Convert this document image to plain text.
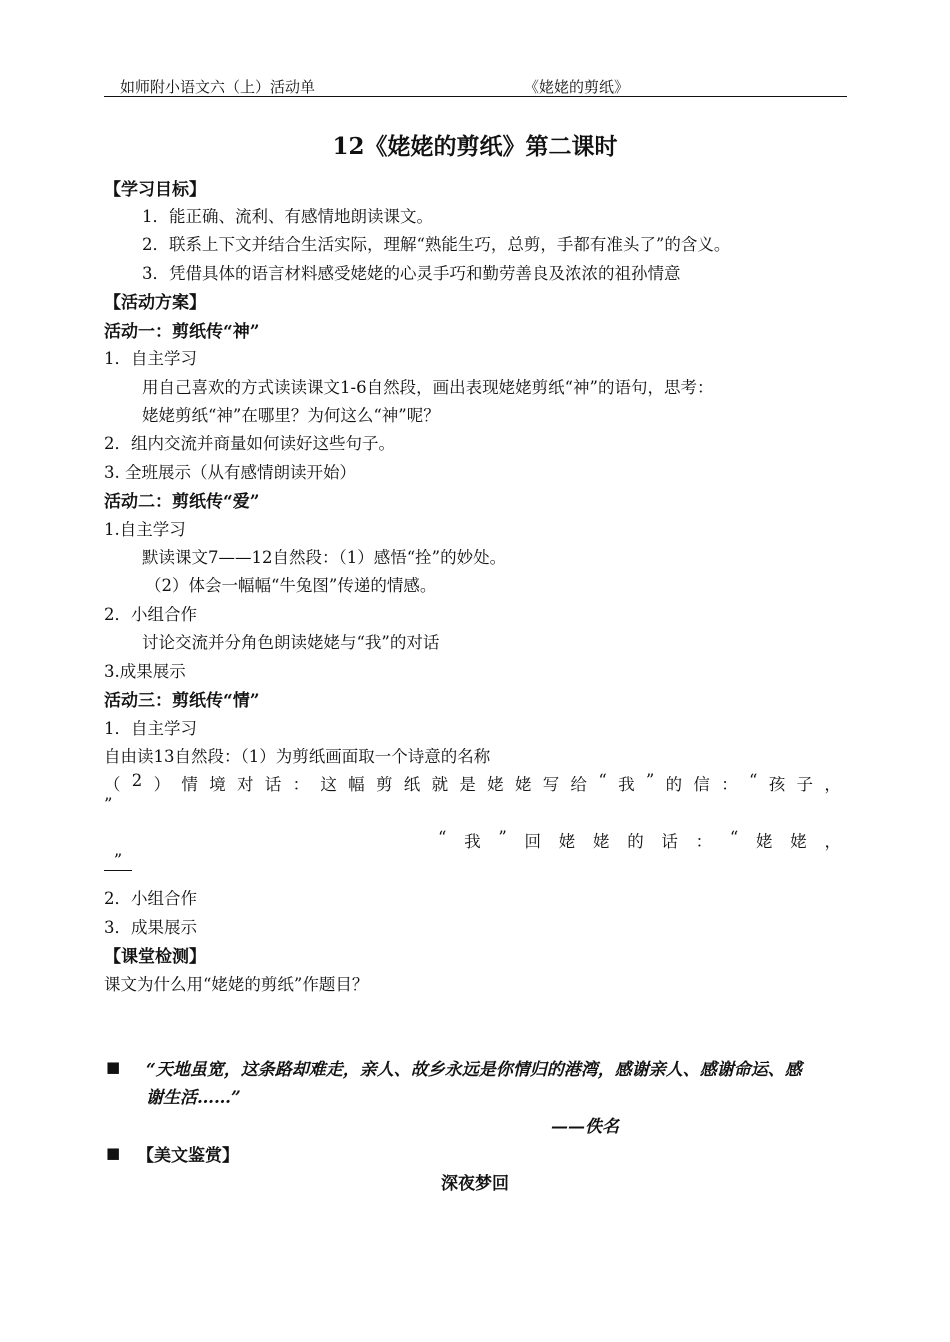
如师附小语文六（上）活动单	《姥姥的剪纸》
12《姥姥的剪纸》第二课时
【学习目标】
1．能正确、流利、有感情地朗读课文。
2．联系上下文并结合生活实际，理解“熟能生巧，总剪，手都有准头了”的含义。
3．凭借具体的语言材料感受姥姥的心灵手巧和勤劳善良及浓浓的祖孙情意
【活动方案】
活动一：剪纸传“神”
1．自主学习
用自己喜欢的方式读读课文1-6自然段，画出表现姥姥剪纸“神”的语句，思考：
姥姥剪纸“神”在哪里？为何这么“神”呢？
2．组内交流并商量如何读好这些句子。
3. 全班展示（从有感情朗读开始）
活动二：剪纸传“爱”
1.自主学习
默读课文7——12自然段：（1）感悟“拴”的妙处。
（2）体会一幅幅“牛兔图”传递的情感。
2．小组合作
讨论交流并分角色朗读姥姥与“我”的对话
3.成果展示
活动三：剪纸传“情”
1．自主学习
自由读13自然段：（1）为剪纸画面取一个诗意的名称
（ 2 ） 情 境 对 话 ： 这 幅 剪 纸 就 是 姥 姥 写 给 “ 我 ” 的 信 ： “ 孩 子 ，
”
“ 我 ” 回 姥 姥 的 话 ： “ 姥 姥 ，
”
2．小组合作
3．成果展示
【课堂检测】
课文为什么用“姥姥的剪纸”作题目？
■ “天地虽宽，这条路却难走，亲人、故乡永远是你情归的港湾，感谢亲人、感谢命运、感
谢生活……”
——佚名
■ 【美文鉴赏】
深夜梦回
